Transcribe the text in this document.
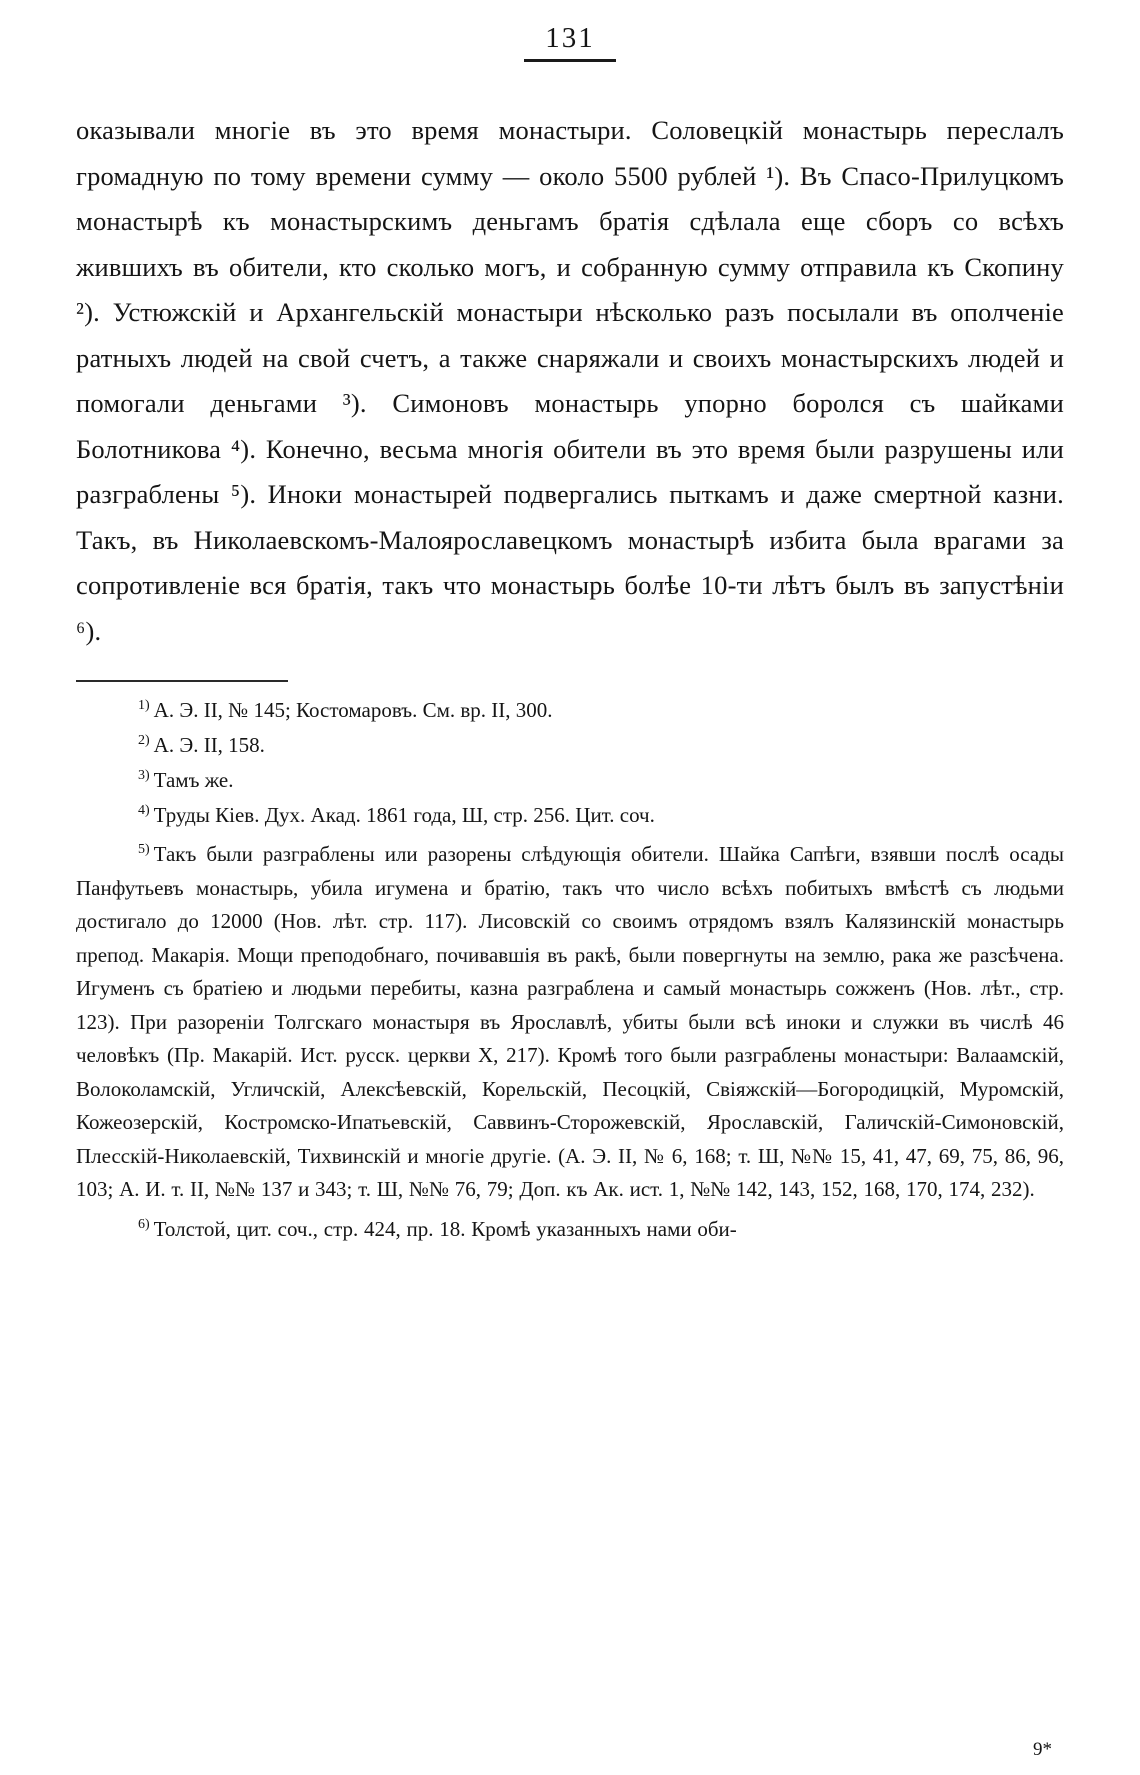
131

оказывали многіе въ это время монастыри. Соловецкій монастырь переслалъ громадную по тому времени сумму — около 5500 рублей ¹). Въ Спасо-Прилуцкомъ монастырѣ къ монастырскимъ деньгамъ братія сдѣлала еще сборъ со всѣхъ жившихъ въ обители, кто сколько могъ, и собранную сумму отправила къ Скопину ²). Устюжскій и Архангельскій монастыри нѣсколько разъ посылали въ ополченіе ратныхъ людей на свой счетъ, а также снаряжали и своихъ монастырскихъ людей и помогали деньгами ³). Симоновъ монастырь упорно боролся съ шайками Болотникова ⁴). Конечно, весьма многія обители въ это время были разрушены или разграблены ⁵). Иноки монастырей подвергались пыткамъ и даже смертной казни. Такъ, въ Николаевскомъ-Малоярославецкомъ монастырѣ избита была врагами за сопротивленіе вся братія, такъ что монастырь болѣе 10-ти лѣтъ былъ въ запустѣніи ⁶).

$^{1)}$ А. Э. II, № 145; Костомаровъ. См. вр. II, 300.

$^{2)}$ А. Э. II, 158.

$^{3)}$ Тамъ же.

$^{4)}$ Труды Кіев. Дух. Акад. 1861 года, Ш, стр. 256. Цит. соч.

$^{5)}$ Такъ были разграблены или разорены слѣдующія обители. Шайка Сапѣги, взявши послѣ осады Панфутьевъ монастырь, убила игумена и братію, такъ что число всѣхъ побитыхъ вмѣстѣ съ людьми достигало до 12000 (Нов. лѣт. стр. 117). Лисовскій со своимъ отрядомъ взялъ Калязинскій монастырь препод. Макарія. Мощи преподобнаго, почивавшія въ ракѣ, были повергнуты на землю, рака же разсѣчена. Игуменъ съ братіею и людьми перебиты, казна разграблена и самый монастырь сожженъ (Нов. лѣт., стр. 123). При разореніи Толгскаго монастыря въ Ярославлѣ, убиты были всѣ иноки и служки въ числѣ 46 человѣкъ (Пр. Макарій. Ист. русск. церкви X, 217). Кромѣ того были разграблены монастыри: Валаамскій, Волоколамскій, Угличскій, Алексѣевскій, Корельскій, Песоцкій, Свіяжскій—Богородицкій, Муромскій, Кожеозерскій, Костромско-Ипатьевскій, Саввинъ-Сторожевскій, Ярославскій, Галичскій-Симоновскій, Плесскій-Николаевскій, Тихвинскій и многіе другіе. (А. Э. II, № 6, 168; т. Ш, №№ 15, 41, 47, 69, 75, 86, 96, 103; А. И. т. II, №№ 137 и 343; т. Ш, №№ 76, 79; Доп. къ Ак. ист. 1, №№ 142, 143, 152, 168, 170, 174, 232).

$^{6)}$ Толстой, цит. соч., стр. 424, пр. 18. Кромѣ указанныхъ нами оби-

9*
